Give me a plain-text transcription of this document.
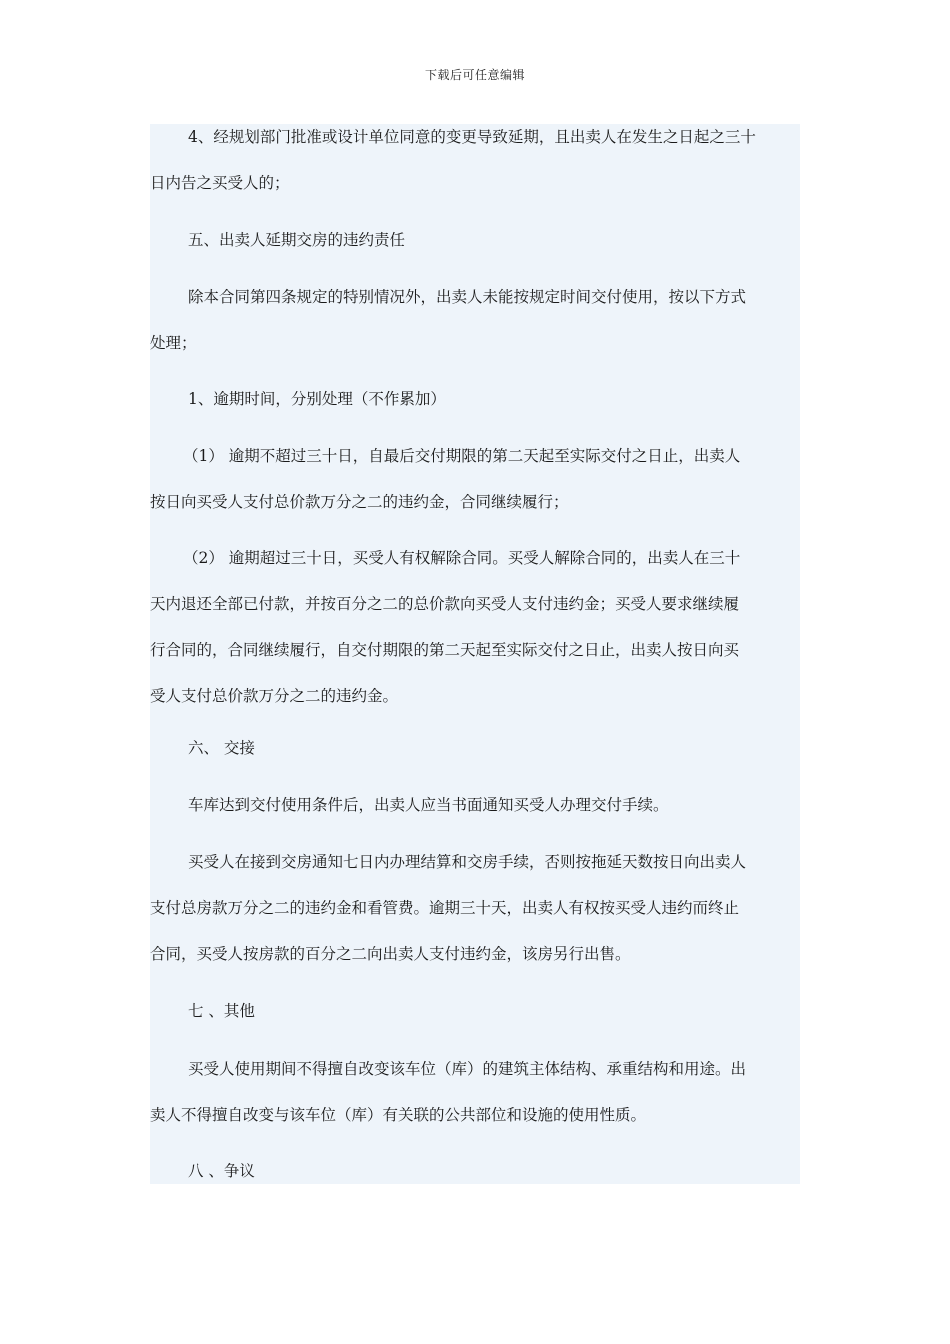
下载后可任意编辑
4、经规划部门批准或设计单位同意的变更导致延期，且出卖人在发生之日起之三十
日内告之买受人的；
五、出卖人延期交房的违约责任
除本合同第四条规定的特别情况外，出卖人未能按规定时间交付使用，按以下方式
处理；
1、逾期时间，分别处理（不作累加）
（1） 逾期不超过三十日，自最后交付期限的第二天起至实际交付之日止，出卖人
按日向买受人支付总价款万分之二的违约金，合同继续履行；
（2） 逾期超过三十日，买受人有权解除合同。买受人解除合同的，出卖人在三十
天内退还全部已付款，并按百分之二的总价款向买受人支付违约金；买受人要求继续履
行合同的，合同继续履行，自交付期限的第二天起至实际交付之日止，出卖人按日向买
受人支付总价款万分之二的违约金。
六、 交接
车库达到交付使用条件后，出卖人应当书面通知买受人办理交付手续。
买受人在接到交房通知七日内办理结算和交房手续，否则按拖延天数按日向出卖人
支付总房款万分之二的违约金和看管费。逾期三十天，出卖人有权按买受人违约而终止
合同，买受人按房款的百分之二向出卖人支付违约金，该房另行出售。
七 、其他
买受人使用期间不得擅自改变该车位（库）的建筑主体结构、承重结构和用途。出
卖人不得擅自改变与该车位（库）有关联的公共部位和设施的使用性质。
八 、争议
